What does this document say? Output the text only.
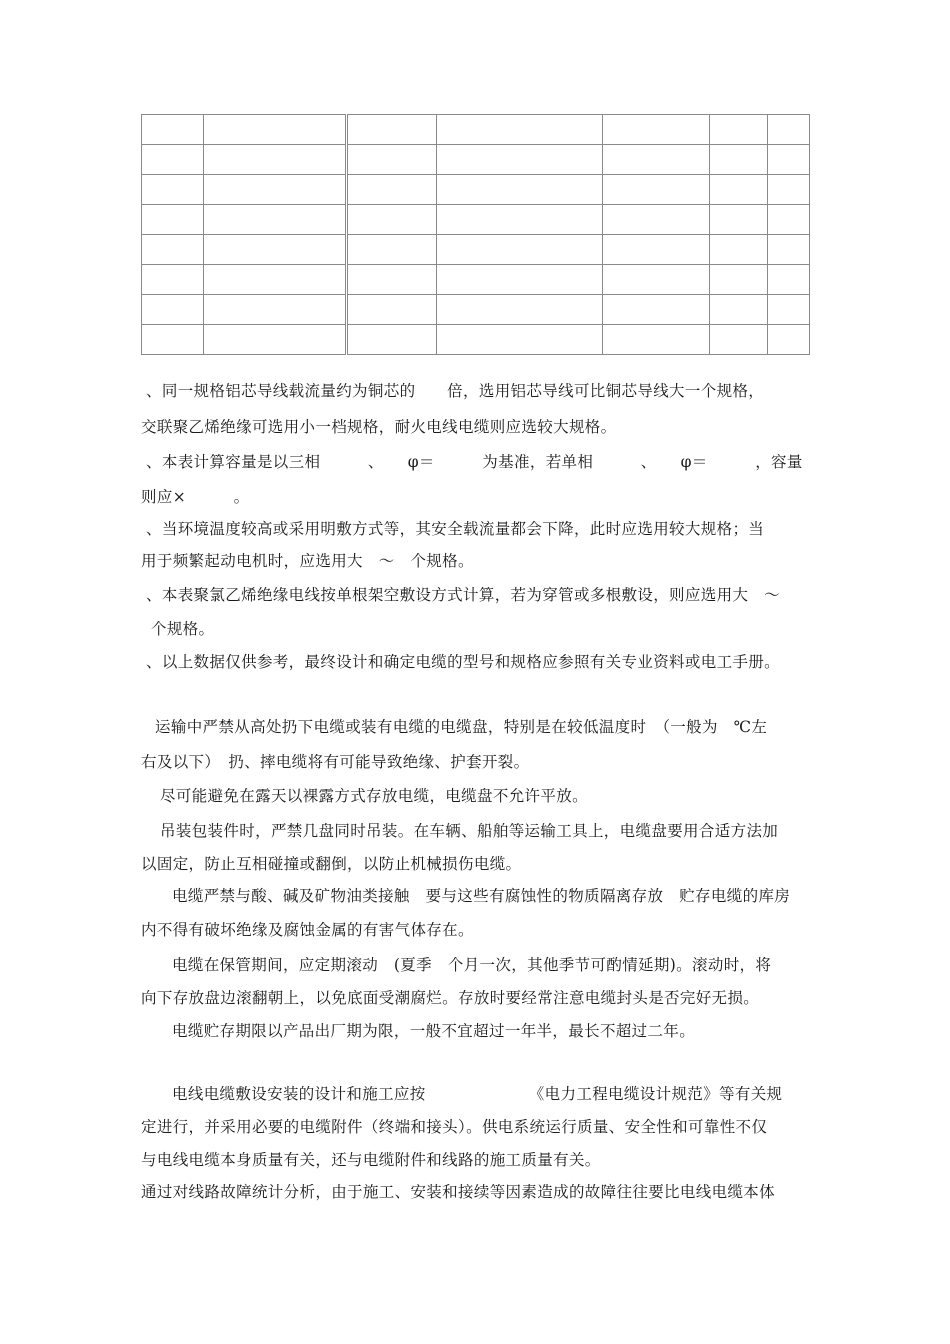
、同一规格铝芯导线载流量约为铜芯的　　倍，选用铝芯导线可比铜芯导线大一个规格，
交联聚乙烯绝缘可选用小一档规格，耐火电线电缆则应选较大规格。
、本表计算容量是以三相　　　、　　φ＝　　　为基准，若单相　　　、　　φ＝　　　，容量
则应×　　　。
、当环境温度较高或采用明敷方式等，其安全载流量都会下降，此时应选用较大规格；当
用于频繁起动电机时，应选用大　～　个规格。
、本表聚氯乙烯绝缘电线按单根架空敷设方式计算，若为穿管或多根敷设，则应选用大　～
个规格。
、以上数据仅供参考，最终设计和确定电缆的型号和规格应参照有关专业资料或电工手册。
运输中严禁从高处扔下电缆或装有电缆的电缆盘，特别是在较低温度时　（一般为　℃左
右及以下）　扔、摔电缆将有可能导致绝缘、护套开裂。
尽可能避免在露天以裸露方式存放电缆，电缆盘不允许平放。
吊装包装件时，严禁几盘同时吊装。在车辆、船舶等运输工具上，电缆盘要用合适方法加
以固定，防止互相碰撞或翻倒，以防止机械损伤电缆。
电缆严禁与酸、碱及矿物油类接触　要与这些有腐蚀性的物质隔离存放　贮存电缆的库房
内不得有破坏绝缘及腐蚀金属的有害气体存在。
电缆在保管期间，应定期滚动　(夏季　个月一次，其他季节可酌情延期)。滚动时，将
向下存放盘边滚翻朝上，以免底面受潮腐烂。存放时要经常注意电缆封头是否完好无损。
电缆贮存期限以产品出厂期为限，一般不宜超过一年半，最长不超过二年。
电线电缆敷设安装的设计和施工应按　　　　　　　《电力工程电缆设计规范》等有关规
定进行，并采用必要的电缆附件（终端和接头）。供电系统运行质量、安全性和可靠性不仅
与电线电缆本身质量有关，还与电缆附件和线路的施工质量有关。
通过对线路故障统计分析，由于施工、安装和接续等因素造成的故障往往要比电线电缆本体
